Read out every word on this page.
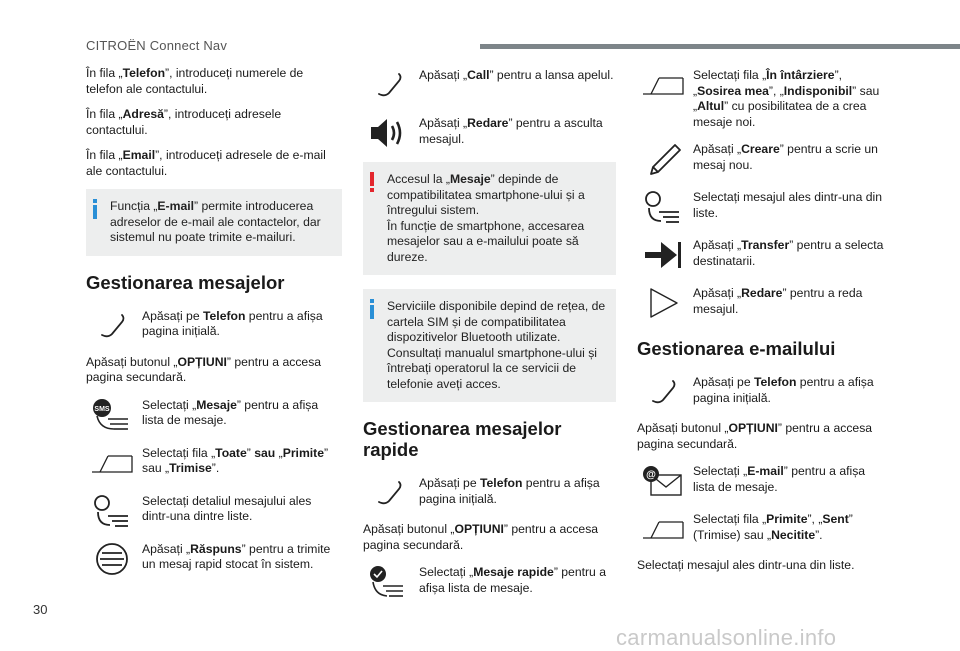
CITROËN Connect Nav

În fila „Telefon”, introduceți numerele de telefon ale contactului.

În fila „Adresă”, introduceți adresele contactului.

În fila „Email”, introduceți adresele de e-mail ale contactului.

Funcția „E-mail” permite introducerea adreselor de e-mail ale contactelor, dar sistemul nu poate trimite e-mailuri.
Gestionarea mesajelor
Apăsați pe Telefon pentru a afișa pagina inițială.

Apăsați butonul „OPȚIUNI” pentru a accesa pagina secundară.

SMS	Selectați „Mesaje” pentru a afișa lista de mesaje.
Selectați fila „Toate” sau „Primite” sau „Trimise”.
Selectați detaliul mesajului ales dintr-una dintre liste.
Apăsați „Răspuns” pentru a trimite un mesaj rapid stocat în sistem.
Apăsați „Call” pentru a lansa apelul.
Apăsați „Redare” pentru a asculta mesajul.
Accesul la „Mesaje” depinde de compatibilitatea smartphone-ului și a întregului sistem.
În funcție de smartphone, accesarea mesajelor sau a e-mailului poate să dureze.
Serviciile disponibile depind de rețea, de cartela SIM și de compatibilitatea dispozitivelor Bluetooth utilizate. Consultați manualul smartphone-ului și întrebați operatorul la ce servicii de telefonie aveți acces.
Gestionarea mesajelor rapide
Apăsați pe Telefon pentru a afișa pagina inițială.

Apăsați butonul „OPȚIUNI” pentru a accesa pagina secundară.

Selectați „Mesaje rapide” pentru a afișa lista de mesaje.
Selectați fila „În întârziere”, „Sosirea mea”, „Indisponibil” sau „Altul” cu posibilitatea de a crea mesaje noi.
Apăsați „Creare” pentru a scrie un mesaj nou.
Selectați mesajul ales dintr-una din liste.
Apăsați „Transfer” pentru a selecta destinatarii.
Apăsați „Redare” pentru a reda mesajul.
Gestionarea e-mailului
Apăsați pe Telefon pentru a afișa pagina inițială.

Apăsați butonul „OPȚIUNI” pentru a accesa pagina secundară.

@	Selectați „E-mail” pentru a afișa lista de mesaje.
Selectați fila „Primite”, „Sent” (Trimise) sau „Necitite”.

Selectați mesajul ales dintr-una din liste.

30
carmanualsonline.info
